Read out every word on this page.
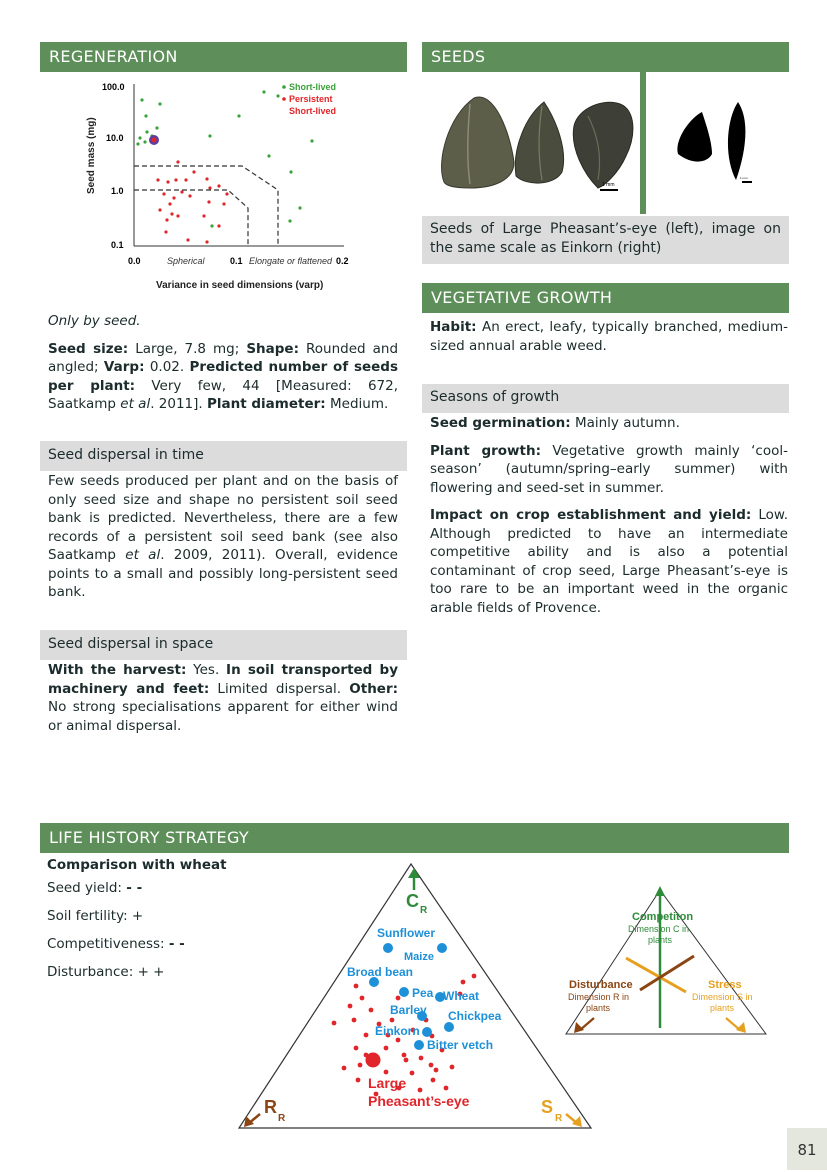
REGENERATION
Seed mass (mg)
100.0
10.0
1.0
0.1
0.0	0.1	0.2
Spherical	Elongate or flattened
Variance in seed dimensions (varp)
Short-lived
Persistent
Short-lived

Only by seed.

Seed size: Large, 7.8 mg; Shape: Rounded and angled; Varp: 0.02. Predicted number of seeds per plant: Very few, 44 [Measured: 672, Saatkamp et al. 2011]. Plant diameter: Medium.

Seed dispersal in time

Few seeds produced per plant and on the basis of only seed size and shape no persistent soil seed bank is predicted. Nevertheless, there are a few records of a persistent soil seed bank (see also Saatkamp et al. 2009, 2011). Overall, evidence points to a small and possibly long-persistent seed bank.

Seed dispersal in space

With the harvest: Yes. In soil transported by machinery and feet: Limited dispersal. Other: No strong specialisations apparent for either wind or animal dispersal.

SEEDS
1 mm
1 mm
Seeds of Large Pheasant’s-eye (left), image on the same scale as Einkorn (right)
VEGETATIVE GROWTH

Habit: An erect, leafy, typically branched, medium-sized annual arable weed.

Seasons of growth

Seed germination: Mainly autumn.

Plant growth: Vegetative growth mainly ‘cool-season’ (autumn/spring–early summer) with flowering and seed-set in summer.

Impact on crop establishment and yield: Low. Although predicted to have an intermediate competitive ability and is also a potential contaminant of crop seed, Large Pheasant’s-eye is too rare to be an important weed in the organic arable fields of Provence.

LIFE HISTORY STRATEGY
Comparison with wheat
Seed yield: - -
Soil fertility: +
Competitiveness: - -
Disturbance: + +
C R
R
R
S
R
Sunflower
Maize
Broad bean
Pea Wheat
Barley Chickpea
Einkorn
Bitter vetch
Large
Pheasant’s-eye
Competiton
Dimension C in
plants
Disturbance
Dimension R in
plants
Stress
Dimension S in
plants
81
